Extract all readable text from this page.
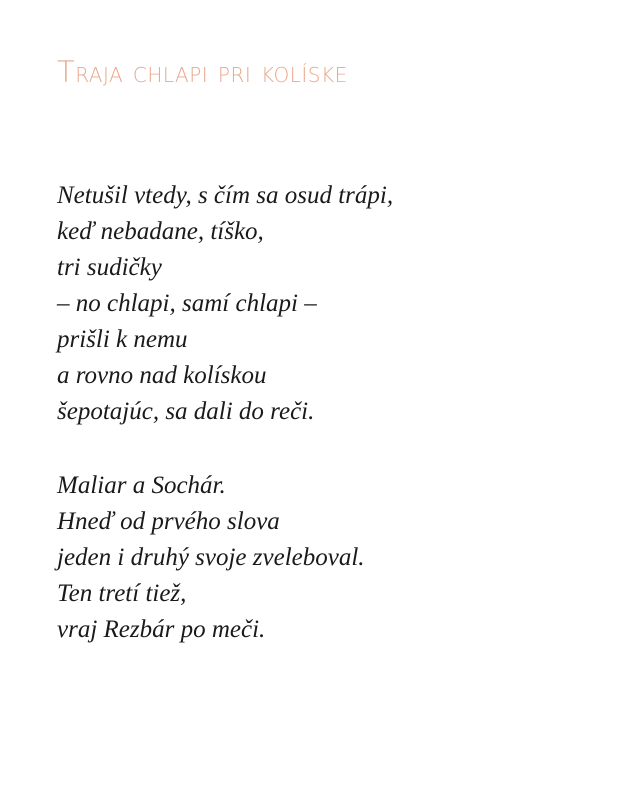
Traja chlapi pri kolíske
Netušil vtedy, s čím sa osud trápi,
keď nebadane, tíško,
tri sudičky
– no chlapi, samí chlapi –
prišli k nemu
a rovno nad kolískou
šepotajúc, sa dali do reči.
Maliar a Sochár.
Hneď od prvého slova
jeden i druhý svoje zveleboval.
Ten tretí tiež,
vraj Rezbár po meči.
